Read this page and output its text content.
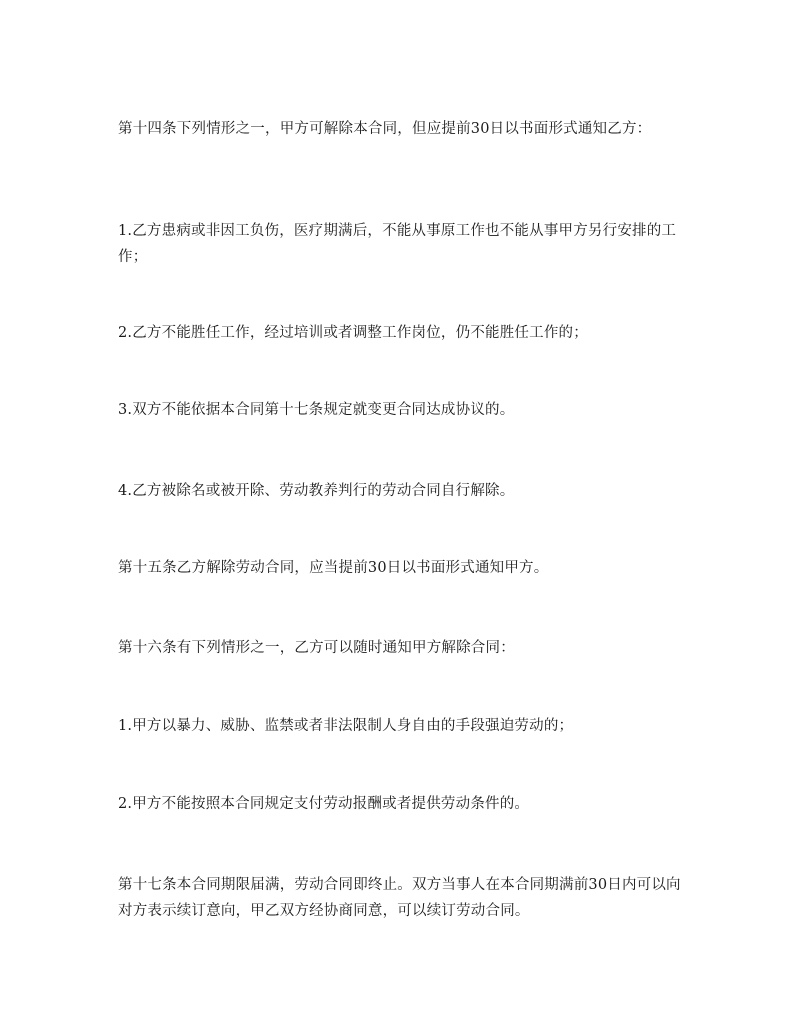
第十四条下列情形之一，甲方可解除本合同，但应提前30日以书面形式通知乙方：

1.乙方患病或非因工负伤，医疗期满后，不能从事原工作也不能从事甲方另行安排的工作；

2.乙方不能胜任工作，经过培训或者调整工作岗位，仍不能胜任工作的；

3.双方不能依据本合同第十七条规定就变更合同达成协议的。

4.乙方被除名或被开除、劳动教养判行的劳动合同自行解除。

第十五条乙方解除劳动合同，应当提前30日以书面形式通知甲方。

第十六条有下列情形之一，乙方可以随时通知甲方解除合同：

1.甲方以暴力、威胁、监禁或者非法限制人身自由的手段强迫劳动的；

2.甲方不能按照本合同规定支付劳动报酬或者提供劳动条件的。

第十七条本合同期限届满，劳动合同即终止。双方当事人在本合同期满前30日内可以向对方表示续订意向，甲乙双方经协商同意，可以续订劳动合同。
